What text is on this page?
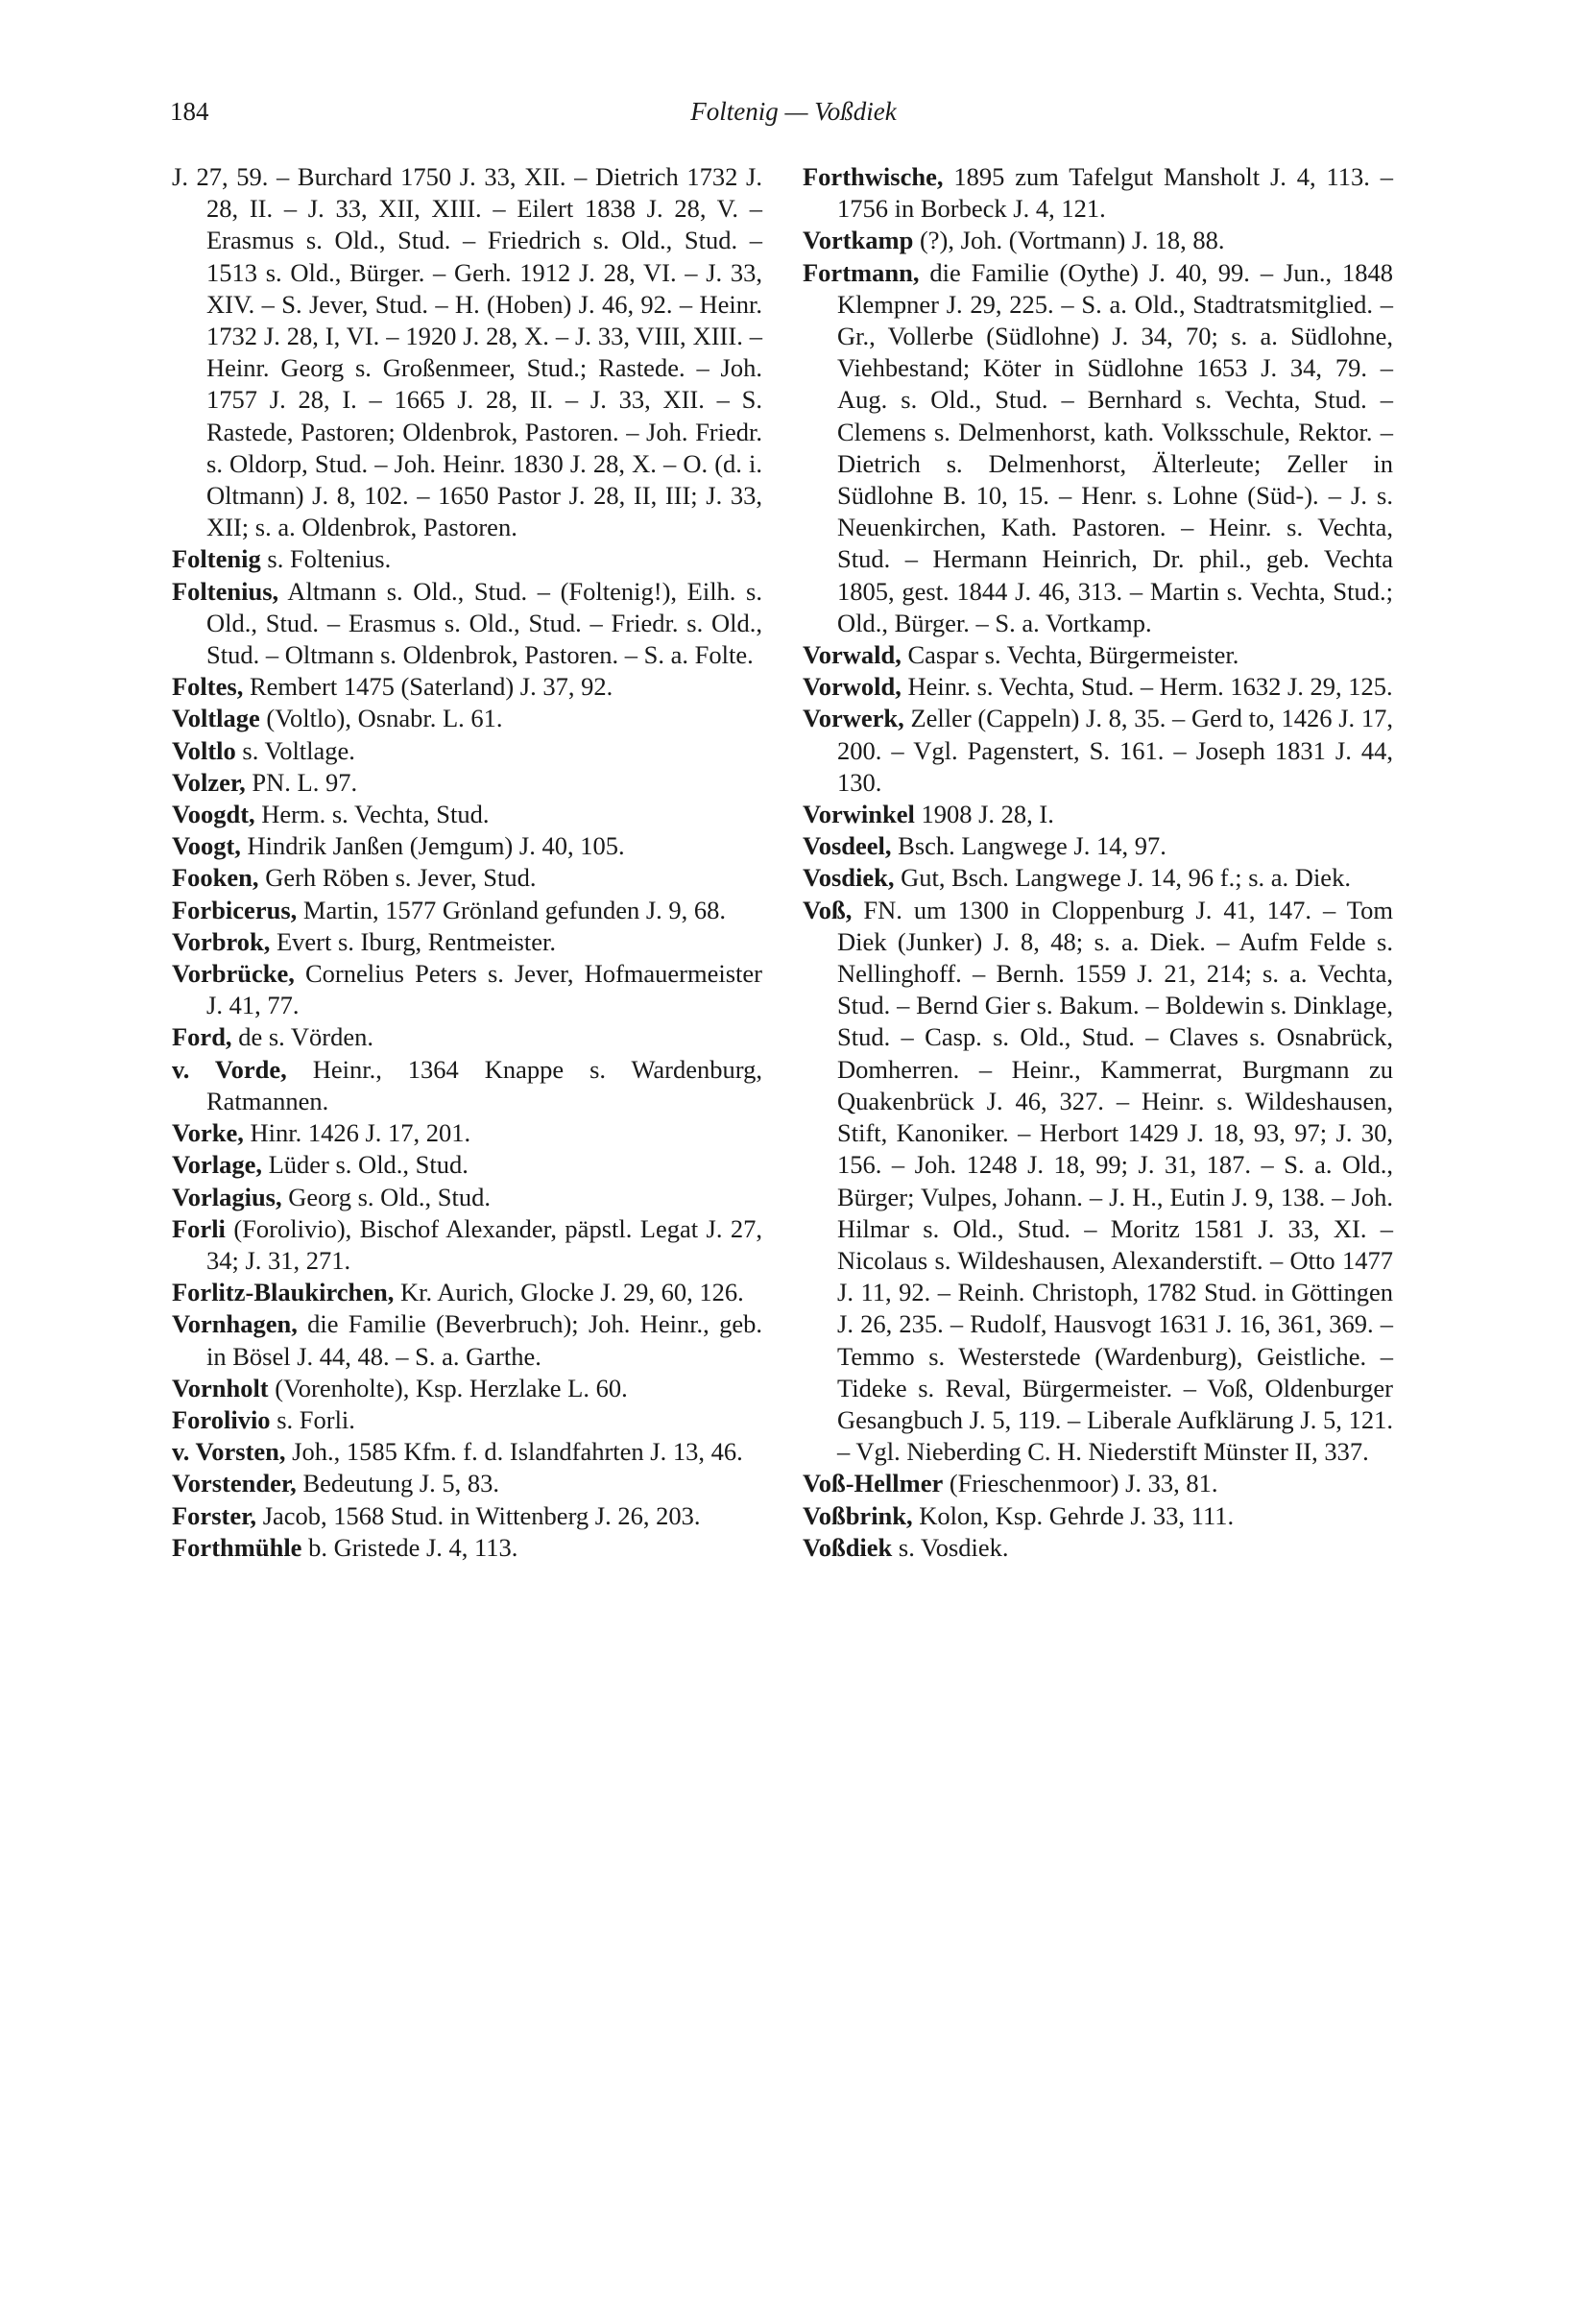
184	Foltenig — Voßdiek

J. 27, 59. – Burchard 1750 J. 33, XII. – Dietrich 1732 J. 28, II. – J. 33, XII, XIII. – Eilert 1838 J. 28, V. – Erasmus s. Old., Stud. – Friedrich s. Old., Stud. – 1513 s. Old., Bürger. – Gerh. 1912 J. 28, VI. – J. 33, XIV. – S. Jever, Stud. – H. (Hoben) J. 46, 92. – Heinr. 1732 J. 28, I, VI. – 1920 J. 28, X. – J. 33, VIII, XIII. – Heinr. Georg s. Großenmeer, Stud.; Rastede. – Joh. 1757 J. 28, I. – 1665 J. 28, II. – J. 33, XII. – S. Rastede, Pastoren; Oldenbrok, Pastoren. – Joh. Friedr. s. Oldorp, Stud. – Joh. Heinr. 1830 J. 28, X. – O. (d. i. Oltmann) J. 8, 102. – 1650 Pastor J. 28, II, III; J. 33, XII; s. a. Oldenbrok, Pastoren.

Foltenig s. Foltenius.

Foltenius, Altmann s. Old., Stud. – (Foltenig!), Eilh. s. Old., Stud. – Erasmus s. Old., Stud. – Friedr. s. Old., Stud. – Oltmann s. Oldenbrok, Pastoren. – S. a. Folte.

Foltes, Rembert 1475 (Saterland) J. 37, 92.

Voltlage (Voltlo), Osnabr. L. 61.

Voltlo s. Voltlage.

Volzer, PN. L. 97.

Voogdt, Herm. s. Vechta, Stud.

Voogt, Hindrik Janßen (Jemgum) J. 40, 105.

Fooken, Gerh Röben s. Jever, Stud.

Forbicerus, Martin, 1577 Grönland gefunden J. 9, 68.

Vorbrok, Evert s. Iburg, Rentmeister.

Vorbrücke, Cornelius Peters s. Jever, Hofmauermeister J. 41, 77.

Ford, de s. Vörden.

v. Vorde, Heinr., 1364 Knappe s. Wardenburg, Ratmannen.

Vorke, Hinr. 1426 J. 17, 201.

Vorlage, Lüder s. Old., Stud.

Vorlagius, Georg s. Old., Stud.

Forli (Forolivio), Bischof Alexander, päpstl. Legat J. 27, 34; J. 31, 271.

Forlitz-Blaukirchen, Kr. Aurich, Glocke J. 29, 60, 126.

Vornhagen, die Familie (Beverbruch); Joh. Heinr., geb. in Bösel J. 44, 48. – S. a. Garthe.

Vornholt (Vorenholte), Ksp. Herzlake L. 60.

Forolivio s. Forli.

v. Vorsten, Joh., 1585 Kfm. f. d. Islandfahrten J. 13, 46.

Vorstender, Bedeutung J. 5, 83.

Forster, Jacob, 1568 Stud. in Wittenberg J. 26, 203.

Forthmühle b. Gristede J. 4, 113.

Forthwische, 1895 zum Tafelgut Mansholt J. 4, 113. – 1756 in Borbeck J. 4, 121.

Vortkamp (?), Joh. (Vortmann) J. 18, 88.

Fortmann, die Familie (Oythe) J. 40, 99. – Jun., 1848 Klempner J. 29, 225. – S. a. Old., Stadtratsmitglied. – Gr., Vollerbe (Südlohne) J. 34, 70; s. a. Südlohne, Viehbestand; Köter in Südlohne 1653 J. 34, 79. – Aug. s. Old., Stud. – Bernhard s. Vechta, Stud. – Clemens s. Delmenhorst, kath. Volksschule, Rektor. – Dietrich s. Delmenhorst, Älterleute; Zeller in Südlohne B. 10, 15. – Henr. s. Lohne (Süd-). – J. s. Neuenkirchen, Kath. Pastoren. – Heinr. s. Vechta, Stud. – Hermann Heinrich, Dr. phil., geb. Vechta 1805, gest. 1844 J. 46, 313. – Martin s. Vechta, Stud.; Old., Bürger. – S. a. Vortkamp.

Vorwald, Caspar s. Vechta, Bürgermeister.

Vorwold, Heinr. s. Vechta, Stud. – Herm. 1632 J. 29, 125.

Vorwerk, Zeller (Cappeln) J. 8, 35. – Gerd to, 1426 J. 17, 200. – Vgl. Pagenstert, S. 161. – Joseph 1831 J. 44, 130.

Vorwinkel 1908 J. 28, I.

Vosdeel, Bsch. Langwege J. 14, 97.

Vosdiek, Gut, Bsch. Langwege J. 14, 96 f.; s. a. Diek.

Voß, FN. um 1300 in Cloppenburg J. 41, 147. – Tom Diek (Junker) J. 8, 48; s. a. Diek. – Aufm Felde s. Nellinghoff. – Bernh. 1559 J. 21, 214; s. a. Vechta, Stud. – Bernd Gier s. Bakum. – Boldewin s. Dinklage, Stud. – Casp. s. Old., Stud. – Claves s. Osnabrück, Domherren. – Heinr., Kammerrat, Burgmann zu Quakenbrück J. 46, 327. – Heinr. s. Wildeshausen, Stift, Kanoniker. – Herbort 1429 J. 18, 93, 97; J. 30, 156. – Joh. 1248 J. 18, 99; J. 31, 187. – S. a. Old., Bürger; Vulpes, Johann. – J. H., Eutin J. 9, 138. – Joh. Hilmar s. Old., Stud. – Moritz 1581 J. 33, XI. – Nicolaus s. Wildeshausen, Alexanderstift. – Otto 1477 J. 11, 92. – Reinh. Christoph, 1782 Stud. in Göttingen J. 26, 235. – Rudolf, Hausvogt 1631 J. 16, 361, 369. – Temmo s. Westerstede (Wardenburg), Geistliche. – Tideke s. Reval, Bürgermeister. – Voß, Oldenburger Gesangbuch J. 5, 119. – Liberale Aufklärung J. 5, 121. – Vgl. Nieberding C. H. Niederstift Münster II, 337.

Voß-Hellmer (Frieschenmoor) J. 33, 81.

Voßbrink, Kolon, Ksp. Gehrde J. 33, 111.

Voßdiek s. Vosdiek.
